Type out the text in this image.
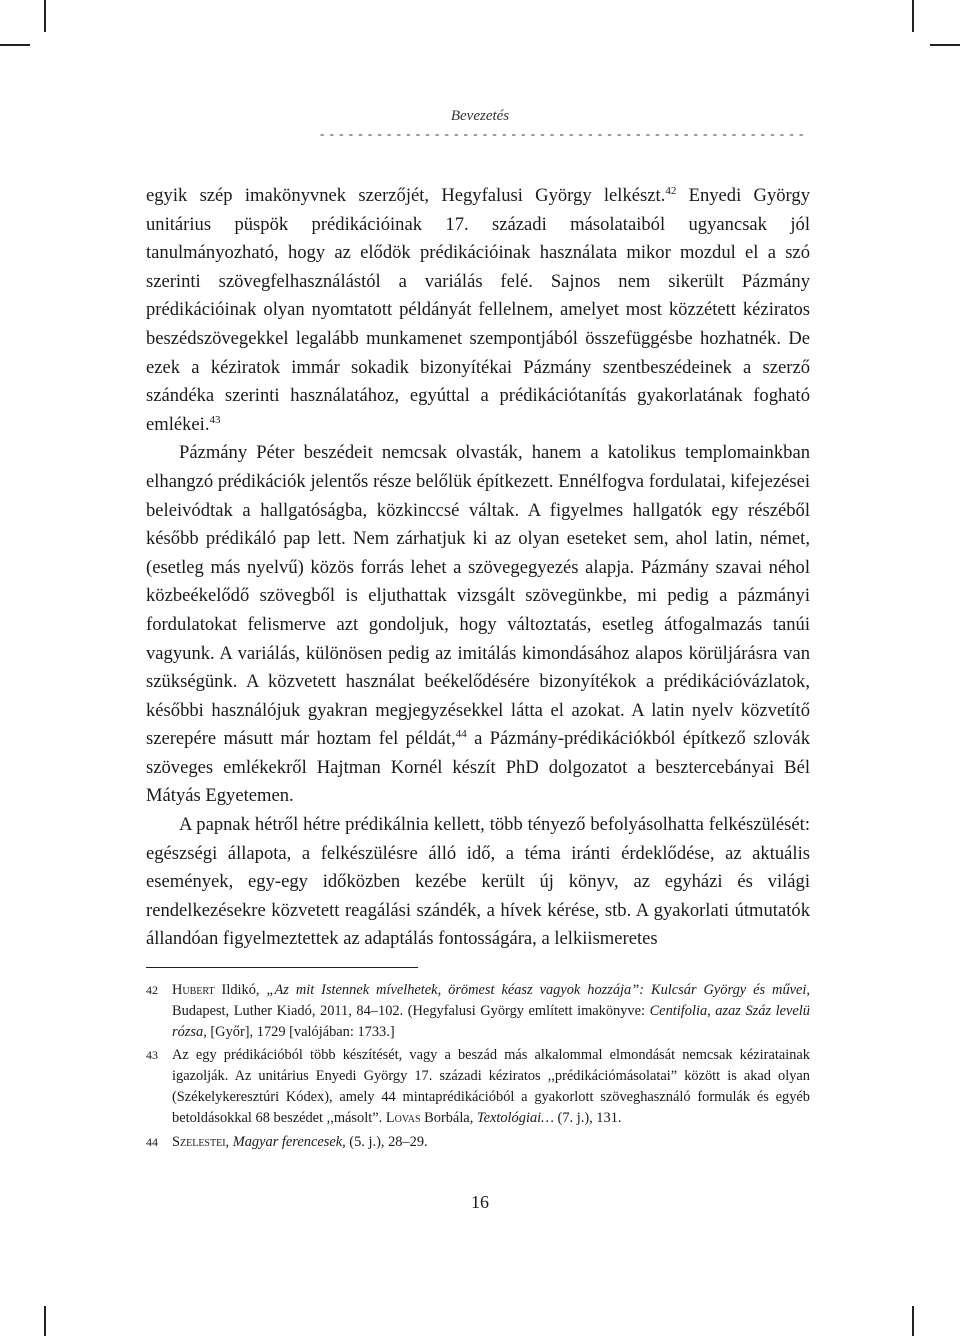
Bevezetés
- - - - - - - - - - - - - - - - - - - - - - - - - - - - - - - - - - - - - - - - - - - - - - - - - - -

egyik szép imakönyvnek szerzőjét, Hegyfalusi György lelkészt.$^{42}$ Enyedi György unitárius püspök prédikációinak 17. századi másolataiból ugyancsak jól tanulmányozható, hogy az elődök prédikációinak használata mikor mozdul el a szó szerinti szövegfelhasználástól a variálás felé. Sajnos nem sikerült Pázmány prédikációinak olyan nyomtatott példányát fellelnem, amelyet most közzétett kéziratos beszédszövegekkel legalább munkamenet szempontjából összefüggésbe hozhatnék. De ezek a kéziratok immár sokadik bizonyítékai Pázmány szentbeszédeinek a szerző szándéka szerinti használatához, egyúttal a prédikációtanítás gyakorlatának fogható emlékei.$^{43}$

Pázmány Péter beszédeit nemcsak olvasták, hanem a katolikus templomainkban elhangzó prédikációk jelentős része belőlük építkezett. Ennélfogva fordulatai, kifejezései beleivódtak a hallgatóságba, közkinccsé váltak. A figyelmes hallgatók egy részéből később prédikáló pap lett. Nem zárhatjuk ki az olyan eseteket sem, ahol latin, német, (esetleg más nyelvű) közös forrás lehet a szövegegyezés alapja. Pázmány szavai néhol közbeékelődő szövegből is eljuthattak vizsgált szövegünkbe, mi pedig a pázmányi fordulatokat felismerve azt gondoljuk, hogy változtatás, esetleg átfogalmazás tanúi vagyunk. A variálás, különösen pedig az imitálás kimondásához alapos körüljárásra van szükségünk. A közvetett használat beékelődésére bizonyítékok a prédikációvázlatok, későbbi használójuk gyakran megjegyzésekkel látta el azokat. A latin nyelv közvetítő szerepére másutt már hoztam fel példát,$^{44}$ a Pázmány-prédikációkból építkező szlovák szöveges emlékekről Hajtman Kornél készít PhD dolgozatot a besztercebányai Bél Mátyás Egyetemen.

A papnak hétről hétre prédikálnia kellett, több tényező befolyásolhatta felkészülését: egészségi állapota, a felkészülésre álló idő, a téma iránti érdeklődése, az aktuális események, egy-egy időközben kezébe került új könyv, az egyházi és világi rendelkezésekre közvetett reagálási szándék, a hívek kérése, stb. A gyakorlati útmutatók állandóan figyelmeztettek az adaptálás fontosságára, a lelkiismeretes

42 Hubert Ildikó, „Az mit Istennek mívelhetek, örömest kéasz vagyok hozzája”: Kulcsár György és művei, Budapest, Luther Kiadó, 2011, 84–102. (Hegyfalusi György említett imakönyve: Centifolia, azaz Száz levelü rózsa, [Győr], 1729 [valójában: 1733.]

43 Az egy prédikációból több készítését, vagy a beszád más alkalommal elmondását nemcsak kéziratainak igazolják. Az unitárius Enyedi György 17. századi kéziratos ,,prédikációmásolatai” között is akad olyan (Székelykeresztúri Kódex), amely 44 mintaprédikációból a gyakorlott szöveghasználó formulák és egyéb betoldásokkal 68 beszédet ,,másolt”. Lovas Borbála, Textológiai… (7. j.), 131.

44 Szelestei, Magyar ferencesek, (5. j.), 28–29.

16
